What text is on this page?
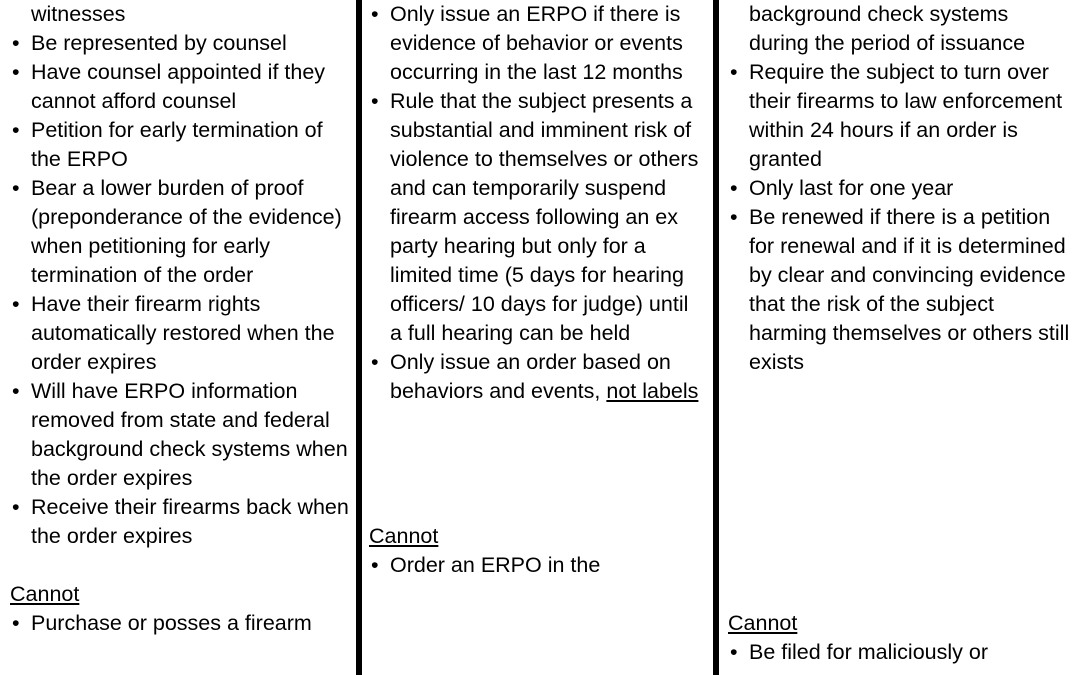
witnesses
• Be represented by counsel
• Have counsel appointed if they cannot afford counsel
• Petition for early termination of the ERPO
• Bear a lower burden of proof (preponderance of the evidence) when petitioning for early termination of the order
• Have their firearm rights automatically restored when the order expires
• Will have ERPO information removed from state and federal background check systems when the order expires
• Receive their firearms back when the order expires

Cannot

• Purchase or posses a firearm
• Only issue an ERPO if there is evidence of behavior or events occurring in the last 12 months
• Rule that the subject presents a substantial and imminent risk of violence to themselves or others and can temporarily suspend firearm access following an ex party hearing but only for a limited time (5 days for hearing officers/ 10 days for judge) until a full hearing can be held
• Only issue an order based on behaviors and events, not labels

Cannot

• Order an ERPO in the
background check systems during the period of issuance
• Require the subject to turn over their firearms to law enforcement within 24 hours if an order is granted
• Only last for one year
• Be renewed if there is a petition for renewal and if it is determined by clear and convincing evidence that the risk of the subject harming themselves or others still exists

Cannot

• Be filed for maliciously or
